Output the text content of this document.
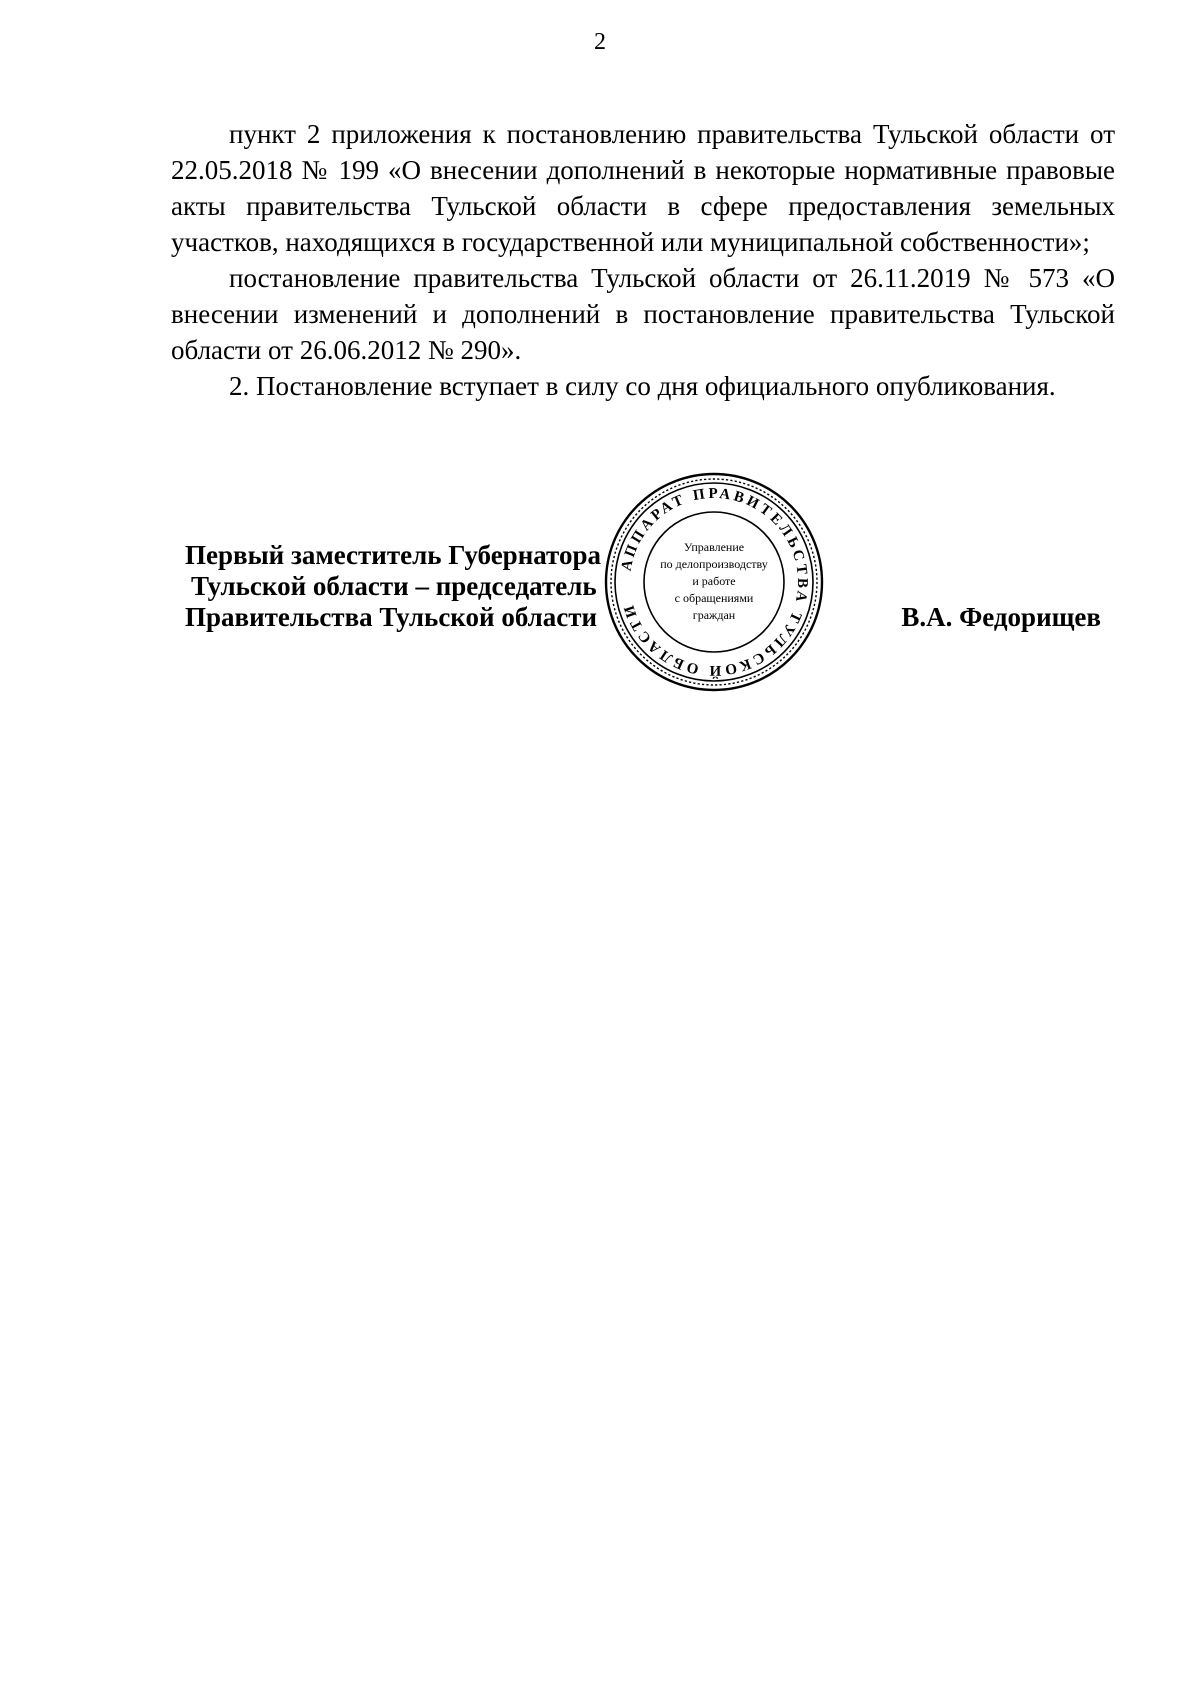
2

пункт 2 приложения к постановлению правительства Тульской области от 22.05.2018 № 199 «О внесении дополнений в некоторые нормативные правовые акты правительства Тульской области в сфере предоставления земельных участков, находящихся в государственной или муниципальной собственности»;

постановление правительства Тульской области от 26.11.2019 № 573 «О внесении изменений и дополнений в постановление правительства Тульской области от 26.06.2012 № 290».

2. Постановление вступает в силу со дня официального опубликования.

Первый заместитель Губернатора
Тульской области – председатель
Правительства Тульской области	В.А. Федорищев
АППАРАТ ПРАВИТЕЛЬСТВА ТУЛЬСКОЙ ОБЛАСТИ
Управление
по делопроизводству
и работе
с обращениями
граждан
